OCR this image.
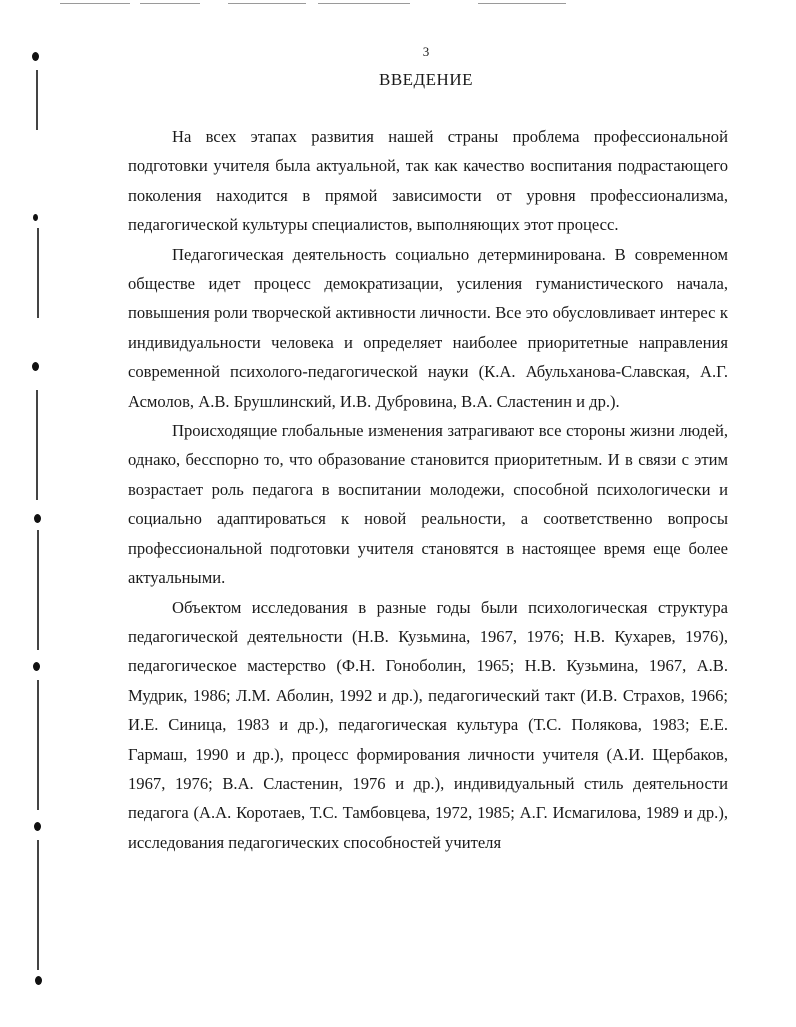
3
ВВЕДЕНИЕ

На всех этапах развития нашей страны проблема профессиональной подготовки учителя была актуальной, так как качество воспитания подрастающего поколения находится в прямой зависимости от уровня профессионализма, педагогической культуры специалистов, выполняющих этот процесс.

Педагогическая деятельность социально детерминирована. В современном обществе идет процесс демократизации, усиления гуманистического начала, повышения роли творческой активности личности. Все это обусловливает интерес к индивидуальности человека и определяет наиболее приоритетные направления современной психолого-педагогической науки (К.А. Абульханова-Славская, А.Г. Асмолов, А.В. Брушлинский, И.В. Дубровина, В.А. Сластенин и др.).

Происходящие глобальные изменения затрагивают все стороны жизни людей, однако, бесспорно то, что образование становится приоритетным. И в связи с этим возрастает роль педагога в воспитании молодежи, способной психологически и социально адаптироваться к новой реальности, а соответственно вопросы профессиональной подготовки учителя становятся в настоящее время еще более актуальными.

Объектом исследования в разные годы были психологическая структура педагогической деятельности (Н.В. Кузьмина, 1967, 1976; Н.В. Кухарев, 1976), педагогическое мастерство (Ф.Н. Гоноболин, 1965; Н.В. Кузьмина, 1967, А.В. Мудрик, 1986; Л.М. Аболин, 1992 и др.), педагогический такт (И.В. Страхов, 1966; И.Е. Синица, 1983 и др.), педагогическая культура (Т.С. Полякова, 1983; Е.Е. Гармаш, 1990 и др.), процесс формирования личности учителя (А.И. Щербаков, 1967, 1976; В.А. Сластенин, 1976 и др.), индивидуальный стиль деятельности педагога (А.А. Коротаев, Т.С. Тамбовцева, 1972, 1985; А.Г. Исмагилова, 1989 и др.), исследования педагогических способностей учителя
